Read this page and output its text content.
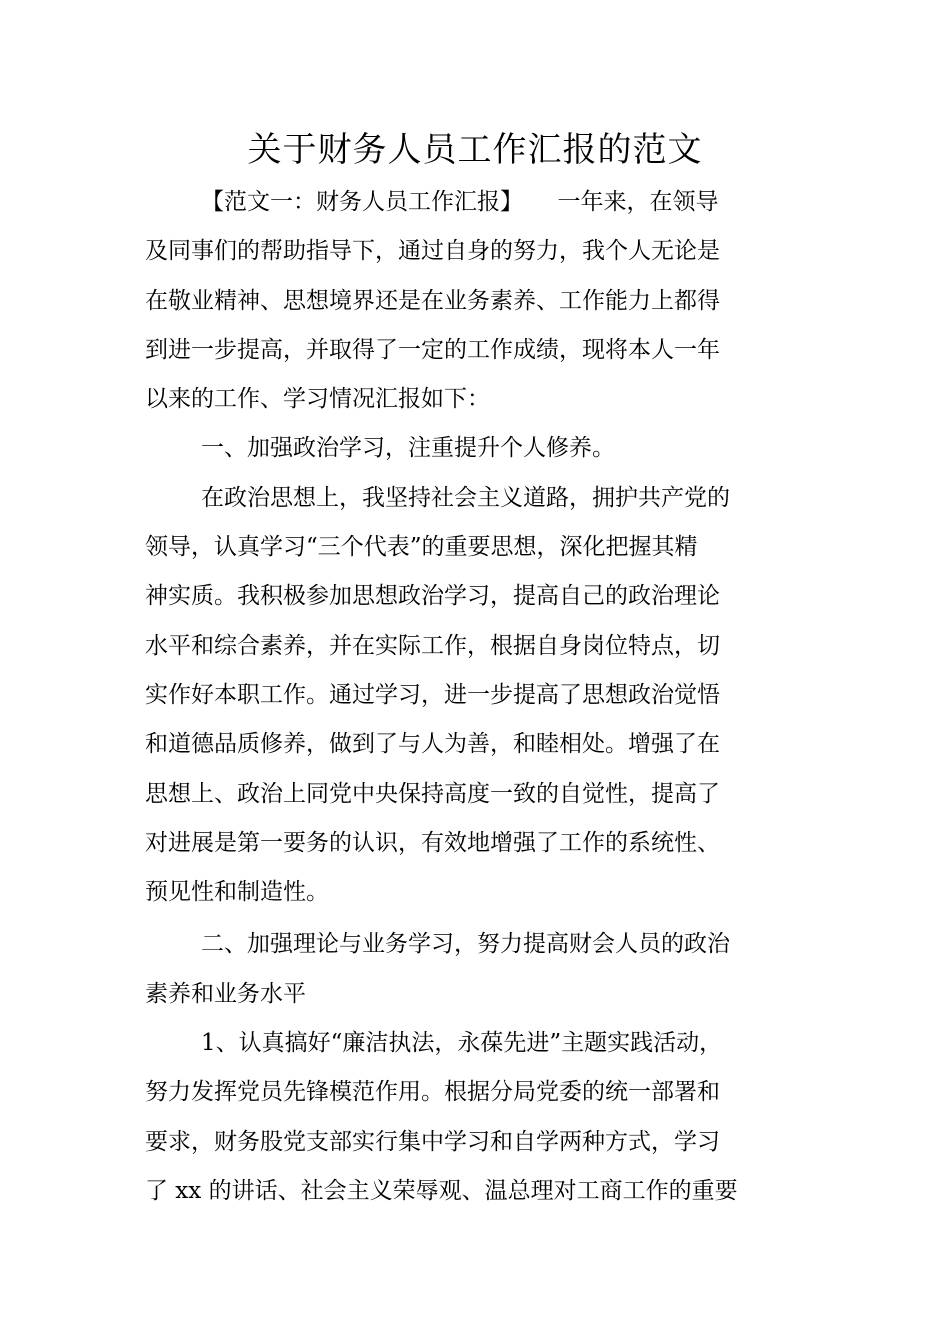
关于财务人员工作汇报的范文
【范文一：财务人员工作汇报】　　一年来，在领导
及同事们的帮助指导下，通过自身的努力，我个人无论是
在敬业精神、思想境界还是在业务素养、工作能力上都得
到进一步提高，并取得了一定的工作成绩，现将本人一年
以来的工作、学习情况汇报如下：
一、加强政治学习，注重提升个人修养。
在政治思想上，我坚持社会主义道路，拥护共产党的
领导，认真学习“三个代表”的重要思想，深化把握其精
神实质。我积极参加思想政治学习，提高自己的政治理论
水平和综合素养，并在实际工作，根据自身岗位特点，切
实作好本职工作。通过学习，进一步提高了思想政治觉悟
和道德品质修养，做到了与人为善，和睦相处。增强了在
思想上、政治上同党中央保持高度一致的自觉性，提高了
对进展是第一要务的认识，有效地增强了工作的系统性、
预见性和制造性。
二、加强理论与业务学习，努力提高财会人员的政治
素养和业务水平
1、认真搞好“廉洁执法，永葆先进”主题实践活动，
努力发挥党员先锋模范作用。根据分局党委的统一部署和
要求，财务股党支部实行集中学习和自学两种方式，学习
了 xx 的讲话、社会主义荣辱观、温总理对工商工作的重要
